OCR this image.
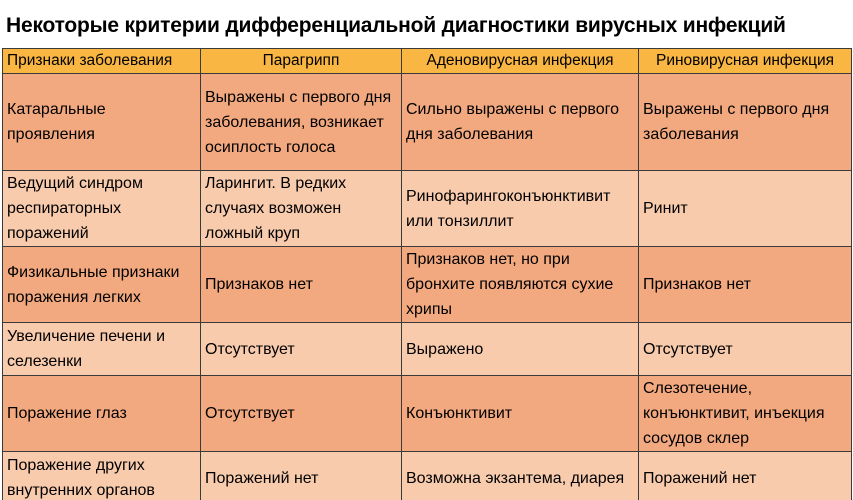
Некоторые критерии дифференциальной диагностики вирусных инфекций
Признаки заболевания	Парагрипп	Аденовирусная инфекция	Риновирусная инфекция
Катаральные проявления	Выражены с первого дня заболевания, возникает осиплость голоса	Сильно выражены с первого дня заболевания	Выражены с первого дня заболевания
Ведущий синдром респираторных поражений	Ларингит. В редких случаях возможен ложный круп	Ринофарингоконъюнктивит или тонзиллит	Ринит
Физикальные признаки поражения легких	Признаков нет	Признаков нет, но при бронхите появляются сухие хрипы	Признаков нет
Увеличение печени и селезенки	Отсутствует	Выражено	Отсутствует
Поражение глаз	Отсутствует	Конъюнктивит	Слезотечение, конъюнктивит, инъекция сосудов склер
Поражение других внутренних органов	Поражений нет	Возможна экзантема, диарея	Поражений нет
